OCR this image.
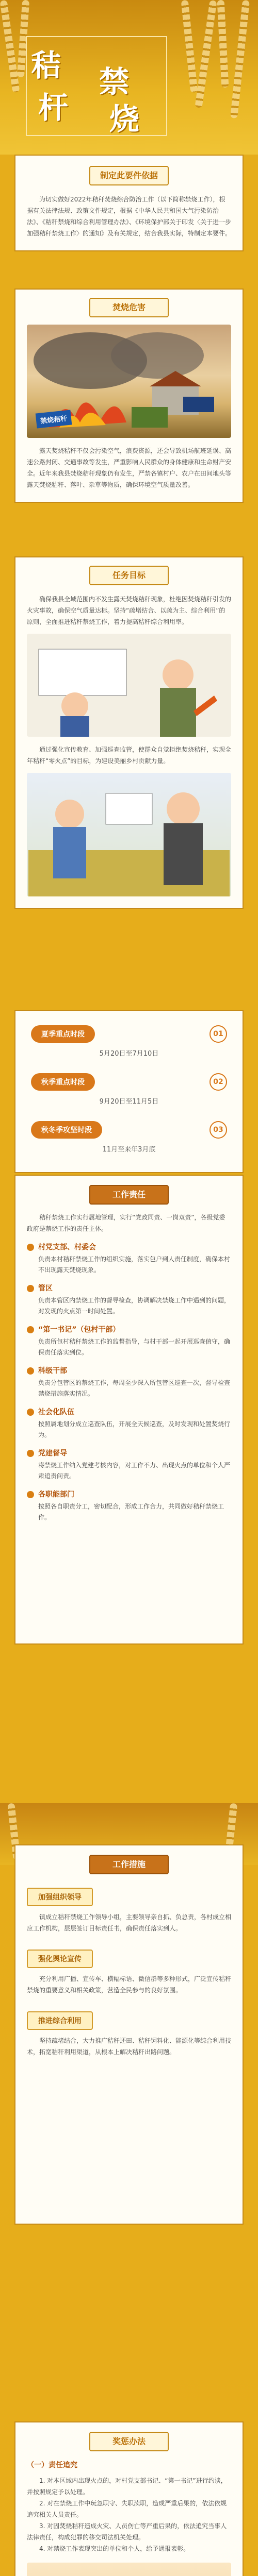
秸
杆
禁
烧
制定此要件依据

为切实做好2022年秸秆焚烧综合防治工作（以下简称禁烧工作），根据有关法律法规、政策文件规定，根据《中华人民共和国大气污染防治法》、《秸秆禁烧和综合利用管理办法》、《环境保护部关于印发〈关于进一步加强秸秆禁烧工作〉的通知》及有关规定，结合我县实际，特制定本要件。

焚烧危害
禁烧秸秆

露天焚烧秸秆不仅会污染空气，浪费资源，还会导致机场航班延误、高速公路封闭、交通事故等发生，严重影响人民群众的身体健康和生命财产安全。近年来我县焚烧秸秆现象仍有发生，严禁各镇村户、农户在田间地头等露天焚烧秸秆、落叶、杂草等物质，确保环境空气质量改善。

任务目标

确保我县全域范围内不发生露天焚烧秸秆现象，杜绝因焚烧秸秆引发的火灾事故，确保空气质量达标。坚持“疏堵结合、以疏为主、综合利用”的原则，全面推进秸秆禁烧工作，着力提高秸秆综合利用率。

通过强化宣传教育、加强巡查监管，使群众自觉拒绝焚烧秸秆，实现全年秸秆“零火点”的目标，为建设美丽乡村贡献力量。

夏季重点时段	01
5月20日至7月10日
秋季重点时段	02
9月20日至11月5日
秋冬季攻坚时段	03
11月至来年3月底
工作责任

秸秆禁烧工作实行属地管理，实行“党政同责、一岗双责”，各级党委政府是禁烧工作的责任主体。

村党支部、村委会

负责本村秸秆禁烧工作的组织实施，落实包户到人责任制度，确保本村不出现露天焚烧现象。

管区

负责本管区内禁烧工作的督导检查，协调解决禁烧工作中遇到的问题，对发现的火点第一时间处置。

“第一书记”（包村干部）

负责所包村秸秆禁烧工作的监督指导，与村干部一起开展巡查值守，确保责任落实到位。

科级干部

负责分包管区的禁烧工作，每周至少深入所包管区巡查一次，督导检查禁烧措施落实情况。

社会化队伍

按照属地划分成立巡查队伍，开展全天候巡查，及时发现和处置焚烧行为。

党建督导

将禁烧工作纳入党建考核内容，对工作不力、出现火点的单位和个人严肃追责问责。

各职能部门

按照各自职责分工，密切配合，形成工作合力，共同做好秸秆禁烧工作。

工作措施
加强组织领导

镇成立秸秆禁烧工作领导小组，主要领导亲自抓、负总责，各村成立相应工作机构，层层签订目标责任书，确保责任落实到人。

强化舆论宣传

充分利用广播、宣传车、横幅标语、微信群等多种形式，广泛宣传秸秆禁烧的重要意义和相关政策，营造全民参与的良好氛围。

推进综合利用

坚持疏堵结合，大力推广秸秆还田、秸秆饲料化、能源化等综合利用技术，拓宽秸秆利用渠道，从根本上解决秸秆出路问题。

奖惩办法
（一）责任追究

1. 对本区域内出现火点的，对村党支部书记、“第一书记”进行约谈，并按照规定予以处理。

2. 对在禁烧工作中玩忽职守、失职渎职，造成严重后果的，依法依规追究相关人员责任。

3. 对因焚烧秸秆造成火灾、人员伤亡等严重后果的，依法追究当事人法律责任，构成犯罪的移交司法机关处理。

4. 对禁烧工作表现突出的单位和个人，给予通报表彰。
